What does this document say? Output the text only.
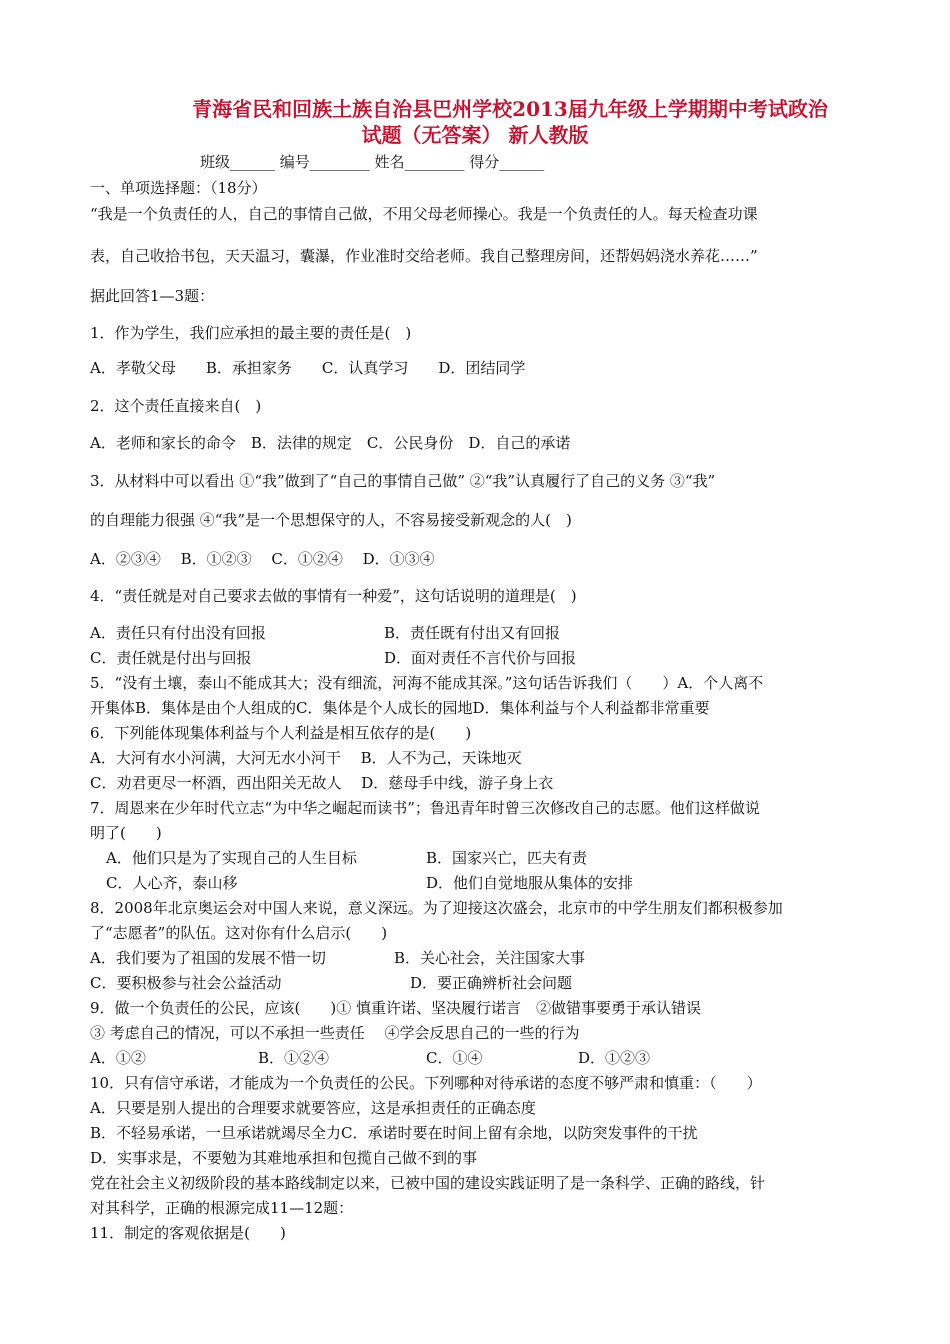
青海省民和回族土族自治县巴州学校2013届九年级上学期期中考试政治
试题（无答案） 新人教版
班级______ 编号________ 姓名________ 得分______
一、单项选择题：（18分）
“我是一个负责任的人，自己的事情自己做，不用父母老师操心。我是一个负责任的人。每天检查功课
表，自己收拾书包，天天温习，囊瀑，作业准时交给老师。我自己整理房间，还帮妈妈浇水养花……”
据此回答1—3题：
1．作为学生，我们应承担的最主要的责任是(　)
A．孝敬父母　　B．承担家务　　C．认真学习　　D．团结同学
2．这个责任直接来自(　)
A．老师和家长的命令　B．法律的规定　C．公民身份　D．自己的承诺
3．从材料中可以看出 ①“我”做到了“自己的事情自己做” ②“我”认真履行了自己的义务 ③“我”
的自理能力很强 ④“我”是一个思想保守的人，不容易接受新观念的人(　)
A．②③④　 B．①②③　 C．①②④　 D．①③④
4．“责任就是对自己要求去做的事情有一种爱”，这句话说明的道理是(　)
A．责任只有付出没有回报	B．责任既有付出又有回报
C．责任就是付出与回报	D．面对责任不言代价与回报
5．“没有土壤，泰山不能成其大；没有细流，河海不能成其深。”这句话告诉我们（　　）A．个人离不
开集体B．集体是由个人组成的C．集体是个人成长的园地D．集体利益与个人利益都非常重要
6．下列能体现集体利益与个人利益是相互依存的是(　　)
A．大河有水小河满，大河无水小河干　 B．人不为己，天诛地灭
C．劝君更尽一杯酒，西出阳关无故人　 D．慈母手中线，游子身上衣
7．周恩来在少年时代立志“为中华之崛起而读书”；鲁迅青年时曾三次修改自己的志愿。他们这样做说
明了(　　)
A．他们只是为了实现自己的人生目标	B．国家兴亡，匹夫有责
C．人心齐，泰山移	D．他们自觉地服从集体的安排
8．2008年北京奥运会对中国人来说，意义深远。为了迎接这次盛会，北京市的中学生朋友们都积极参加
了“志愿者”的队伍。这对你有什么启示(　　)
A．我们要为了祖国的发展不惜一切	B．关心社会，关注国家大事
C．要积极参与社会公益活动	D．要正确辨析社会问题
9．做一个负责任的公民，应该(　　)① 慎重许诺、坚决履行诺言　②做错事要勇于承认错误
③ 考虑自己的情况，可以不承担一些责任　 ④学会反思自己的一些的行为
A．①②	B．①②④	C．①④	D．①②③
10．只有信守承诺，才能成为一个负责任的公民。下列哪种对待承诺的态度不够严肃和慎重：（　　）
A．只要是别人提出的合理要求就要答应，这是承担责任的正确态度
B．不轻易承诺，一旦承诺就竭尽全力C．承诺时要在时间上留有余地，以防突发事件的干扰
D．实事求是，不要勉为其难地承担和包揽自己做不到的事
党在社会主义初级阶段的基本路线制定以来，已被中国的建设实践证明了是一条科学、正确的路线，针
对其科学，正确的根源完成11—12题：
11．制定的客观依据是(　　)
